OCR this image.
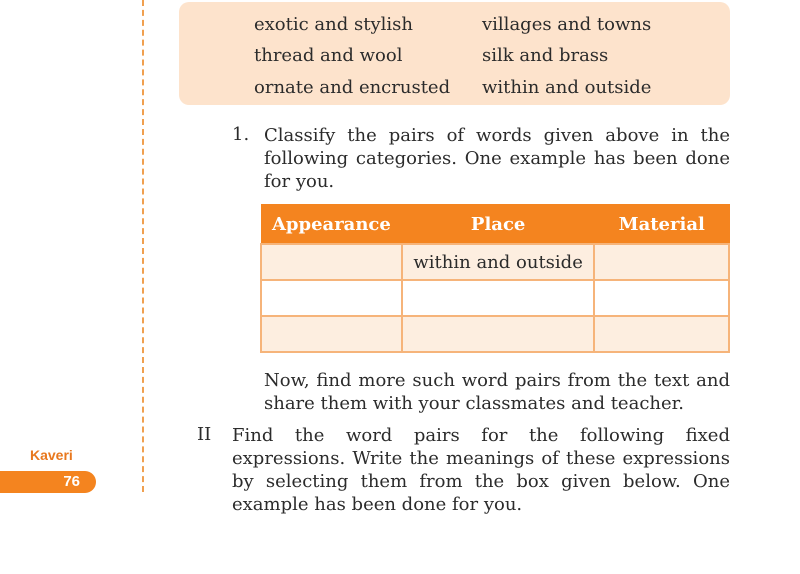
Kaveri
76
exotic and stylish
thread and wool
ornate and encrusted
villages and towns
silk and brass
within and outside
1. Classify the pairs of words given above in the following categories. One example has been done for you.
Appearance	Place	Material
	within and outside	

Now, find more such word pairs from the text and share them with your classmates and teacher.
II Find the word pairs for the following fixed expressions. Write the meanings of these expressions by selecting them from the box given below. One example has been done for you.
